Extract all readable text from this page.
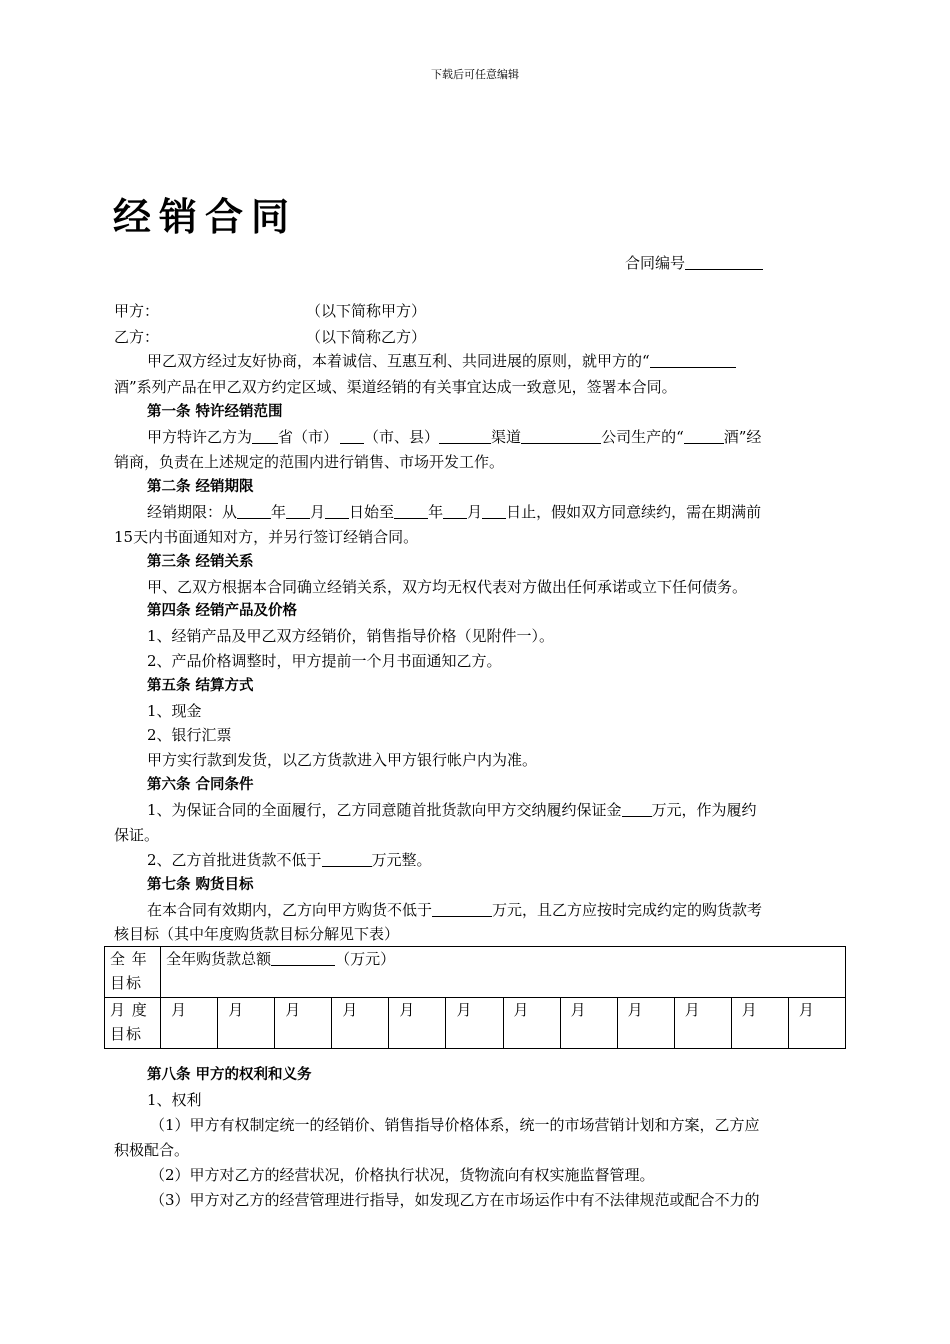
下载后可任意编辑
经销合同
合同编号
甲方：	（以下简称甲方）
乙方：	（以下简称乙方）
甲乙双方经过友好协商，本着诚信、互惠互利、共同进展的原则，就甲方的“
酒”系列产品在甲乙双方约定区域、渠道经销的有关事宜达成一致意见，签署本合同。
第一条 特许经销范围
甲方特许乙方为 省（市） （市、县）	渠道	公司生产的“	酒”经
销商，负责在上述规定的范围内进行销售、市场开发工作。
第二条 经销期限
经销期限：从 年 月 日始至 年 月 日止，假如双方同意续约，需在期满前
15天内书面通知对方，并另行签订经销合同。
第三条 经销关系
甲、乙双方根据本合同确立经销关系，双方均无权代表对方做出任何承诺或立下任何债务。
第四条 经销产品及价格
1、经销产品及甲乙双方经销价，销售指导价格（见附件一）。
2、产品价格调整时，甲方提前一个月书面通知乙方。
第五条 结算方式
1、现金
2、银行汇票
甲方实行款到发货，以乙方货款进入甲方银行帐户内为准。
第六条 合同条件
1、为保证合同的全面履行，乙方同意随首批货款向甲方交纳履约保证金 万元，作为履约
保证。
2、乙方首批进货款不低于	万元整。
第七条 购货目标
在本合同有效期内，乙方向甲方购货不低于	万元，且乙方应按时完成约定的购货款考
核目标（其中年度购货款目标分解见下表）
全 年
目标	全年购货款总额 （万元）											

月 度
目标	月	月	月	月	月	月	月	月	月	月	月	月
第八条 甲方的权利和义务
1、权利
（1）甲方有权制定统一的经销价、销售指导价格体系，统一的市场营销计划和方案，乙方应
积极配合。
（2）甲方对乙方的经营状况，价格执行状况，货物流向有权实施监督管理。
（3）甲方对乙方的经营管理进行指导，如发现乙方在市场运作中有不法律规范或配合不力的
